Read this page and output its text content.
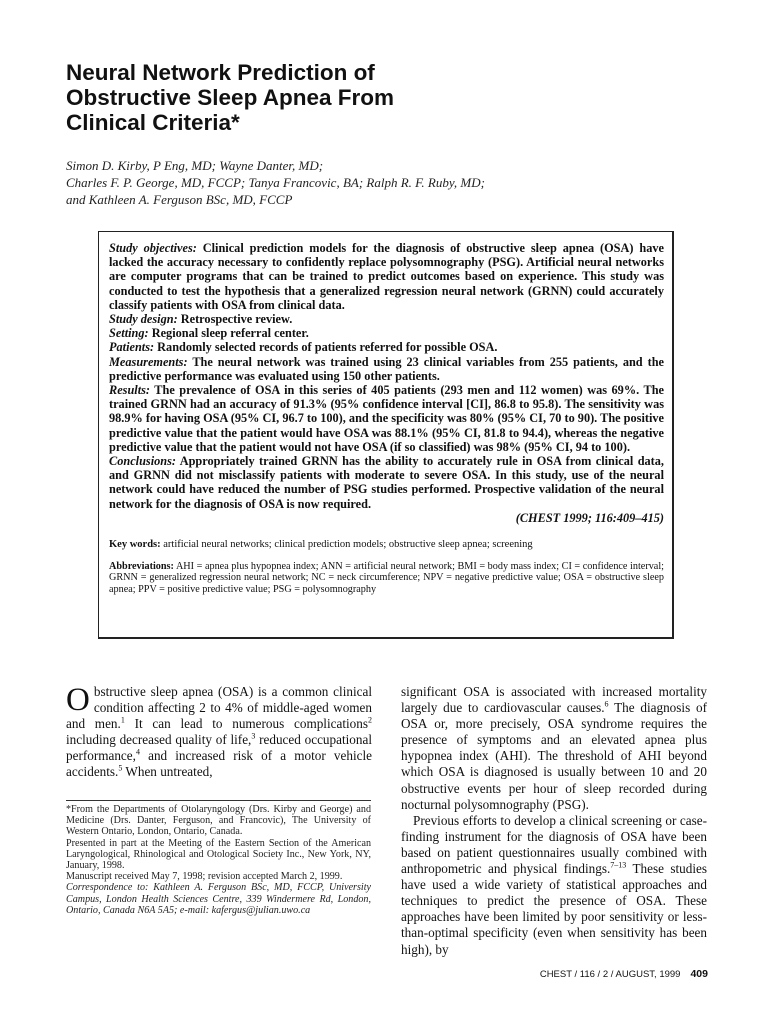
Neural Network Prediction of
Obstructive Sleep Apnea From
Clinical Criteria*
Simon D. Kirby, P Eng, MD; Wayne Danter, MD;
Charles F. P. George, MD, FCCP; Tanya Francovic, BA; Ralph R. F. Ruby, MD;
and Kathleen A. Ferguson BSc, MD, FCCP

Study objectives: Clinical prediction models for the diagnosis of obstructive sleep apnea (OSA) have lacked the accuracy necessary to confidently replace polysomnography (PSG). Artificial neural networks are computer programs that can be trained to predict outcomes based on experience. This study was conducted to test the hypothesis that a generalized regression neural network (GRNN) could accurately classify patients with OSA from clinical data.

Study design: Retrospective review.

Setting: Regional sleep referral center.

Patients: Randomly selected records of patients referred for possible OSA.

Measurements: The neural network was trained using 23 clinical variables from 255 patients, and the predictive performance was evaluated using 150 other patients.

Results: The prevalence of OSA in this series of 405 patients (293 men and 112 women) was 69%. The trained GRNN had an accuracy of 91.3% (95% confidence interval [CI], 86.8 to 95.8). The sensitivity was 98.9% for having OSA (95% CI, 96.7 to 100), and the specificity was 80% (95% CI, 70 to 90). The positive predictive value that the patient would have OSA was 88.1% (95% CI, 81.8 to 94.4), whereas the negative predictive value that the patient would not have OSA (if so classified) was 98% (95% CI, 94 to 100).

Conclusions: Appropriately trained GRNN has the ability to accurately rule in OSA from clinical data, and GRNN did not misclassify patients with moderate to severe OSA. In this study, use of the neural network could have reduced the number of PSG studies performed. Prospective validation of the neural network for the diagnosis of OSA is now required.

(CHEST 1999; 116:409–415)

Key words: artificial neural networks; clinical prediction models; obstructive sleep apnea; screening
Abbreviations: AHI = apnea plus hypopnea index; ANN = artificial neural network; BMI = body mass index; CI = confidence interval; GRNN = generalized regression neural network; NC = neck circumference; NPV = negative predictive value; OSA = obstructive sleep apnea; PPV = positive predictive value; PSG = polysomnography

Obstructive sleep apnea (OSA) is a common clinical condition affecting 2 to 4% of middle-aged women and men.$^1$ It can lead to numerous complications$^2$ including decreased quality of life,$^3$ reduced occupational performance,$^4$ and increased risk of a motor vehicle accidents.$^5$ When untreated,

*From the Departments of Otolaryngology (Drs. Kirby and George) and Medicine (Drs. Danter, Ferguson, and Francovic), The University of Western Ontario, London, Ontario, Canada.

Presented in part at the Meeting of the Eastern Section of the American Laryngological, Rhinological and Otological Society Inc., New York, NY, January, 1998.

Manuscript received May 7, 1998; revision accepted March 2, 1999.

Correspondence to: Kathleen A. Ferguson BSc, MD, FCCP, University Campus, London Health Sciences Centre, 339 Windermere Rd, London, Ontario, Canada N6A 5A5; e-mail: kafergus@julian.uwo.ca

significant OSA is associated with increased mortality largely due to cardiovascular causes.$^6$ The diagnosis of OSA or, more precisely, OSA syndrome requires the presence of symptoms and an elevated apnea plus hypopnea index (AHI). The threshold of AHI beyond which OSA is diagnosed is usually between 10 and 20 obstructive events per hour of sleep recorded during nocturnal polysomnography (PSG).

Previous efforts to develop a clinical screening or case-finding instrument for the diagnosis of OSA have been based on patient questionnaires usually combined with anthropometric and physical findings.$^{7-13}$ These studies have used a wide variety of statistical approaches and techniques to predict the presence of OSA. These approaches have been limited by poor sensitivity or less-than-optimal specificity (even when sensitivity has been high), by

CHEST / 116 / 2 / AUGUST, 1999 409
